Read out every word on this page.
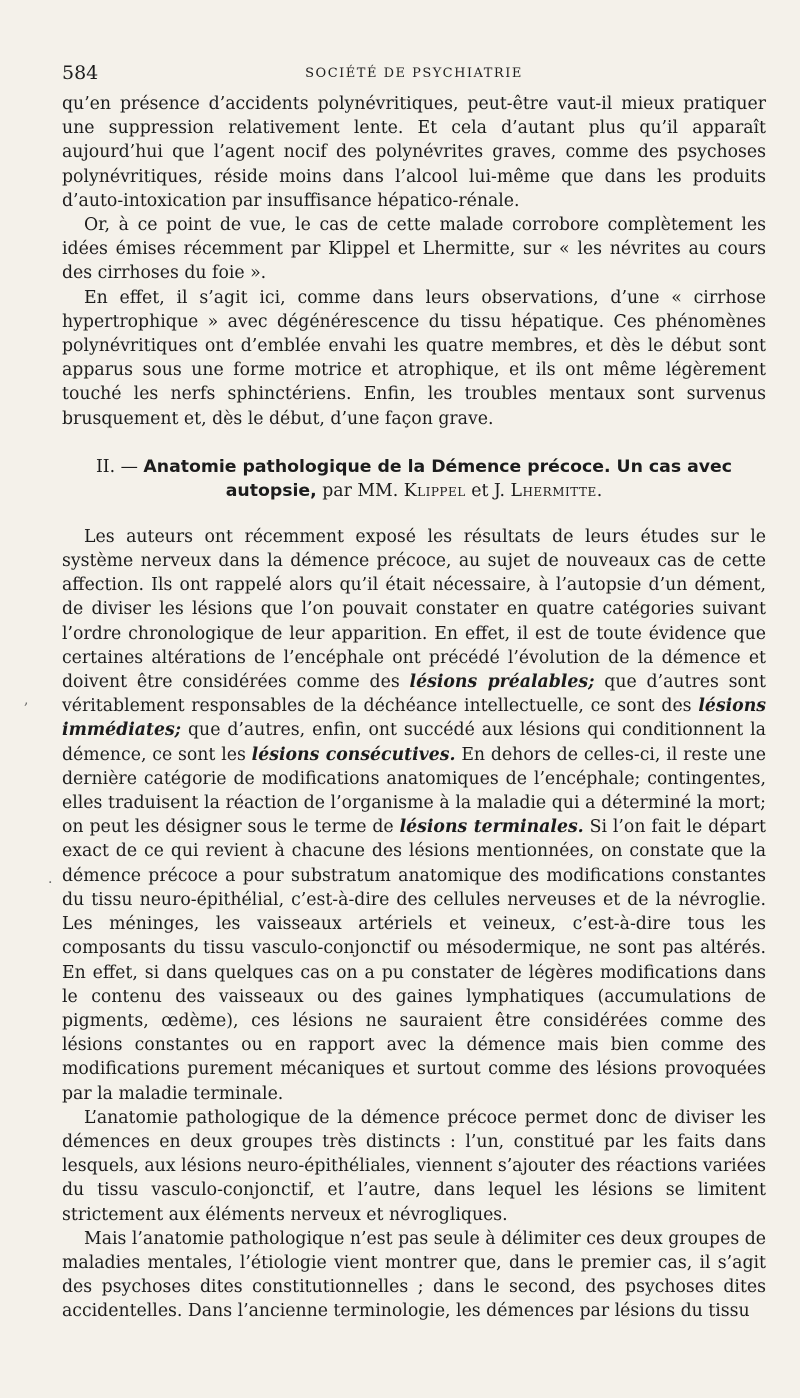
584	SOCIÉTÉ DE PSYCHIATRIE

qu’en présence d’accidents polynévritiques, peut-être vaut-il mieux pratiquer une suppression relativement lente. Et cela d’autant plus qu’il apparaît aujourd’hui que l’agent nocif des polynévrites graves, comme des psychoses polynévritiques, réside moins dans l’alcool lui-même que dans les produits d’auto-intoxication par insuffisance hépatico-rénale.

Or, à ce point de vue, le cas de cette malade corrobore complètement les idées émises récemment par Klippel et Lhermitte, sur « les névrites au cours des cirrhoses du foie ».

En effet, il s’agit ici, comme dans leurs observations, d’une « cirrhose hypertrophique » avec dégénérescence du tissu hépatique. Ces phénomènes polynévritiques ont d’emblée envahi les quatre membres, et dès le début sont apparus sous une forme motrice et atrophique, et ils ont même légèrement touché les nerfs sphinctériens. Enfin, les troubles mentaux sont survenus brusquement et, dès le début, d’une façon grave.

II. — Anatomie pathologique de la Démence précoce. Un cas avec autopsie, par MM. Klippel et J. Lhermitte.

Les auteurs ont récemment exposé les résultats de leurs études sur le système nerveux dans la démence précoce, au sujet de nouveaux cas de cette affection. Ils ont rappelé alors qu’il était nécessaire, à l’autopsie d’un dément, de diviser les lésions que l’on pouvait constater en quatre catégories suivant l’ordre chronologique de leur apparition. En effet, il est de toute évidence que certaines altérations de l’encéphale ont précédé l’évolution de la démence et doivent être considérées comme des lésions préalables; que d’autres sont véritablement responsables de la déchéance intellectuelle, ce sont des lésions immédiates; que d’autres, enfin, ont succédé aux lésions qui conditionnent la démence, ce sont les lésions consécutives. En dehors de celles-ci, il reste une dernière catégorie de modifications anatomiques de l’encéphale; contingentes, elles traduisent la réaction de l’organisme à la maladie qui a déterminé la mort; on peut les désigner sous le terme de lésions terminales. Si l’on fait le départ exact de ce qui revient à chacune des lésions mentionnées, on constate que la démence précoce a pour substratum anatomique des modifications constantes du tissu neuro-épithélial, c’est-à-dire des cellules nerveuses et de la névroglie. Les méninges, les vaisseaux artériels et veineux, c’est-à-dire tous les composants du tissu vasculo-conjonctif ou mésodermique, ne sont pas altérés. En effet, si dans quelques cas on a pu constater de légères modifications dans le contenu des vaisseaux ou des gaines lymphatiques (accumulations de pigments, œdème), ces lésions ne sauraient être considérées comme des lésions constantes ou en rapport avec la démence mais bien comme des modifications purement mécaniques et surtout comme des lésions provoquées par la maladie terminale.

L’anatomie pathologique de la démence précoce permet donc de diviser les démences en deux groupes très distincts : l’un, constitué par les faits dans lesquels, aux lésions neuro-épithéliales, viennent s’ajouter des réactions variées du tissu vasculo-conjonctif, et l’autre, dans lequel les lésions se limitent strictement aux éléments nerveux et névrogliques.

Mais l’anatomie pathologique n’est pas seule à délimiter ces deux groupes de maladies mentales, l’étiologie vient montrer que, dans le premier cas, il s’agit des psychoses dites constitutionnelles ; dans le second, des psychoses dites accidentelles. Dans l’ancienne terminologie, les démences par lésions du tissu

,
·
